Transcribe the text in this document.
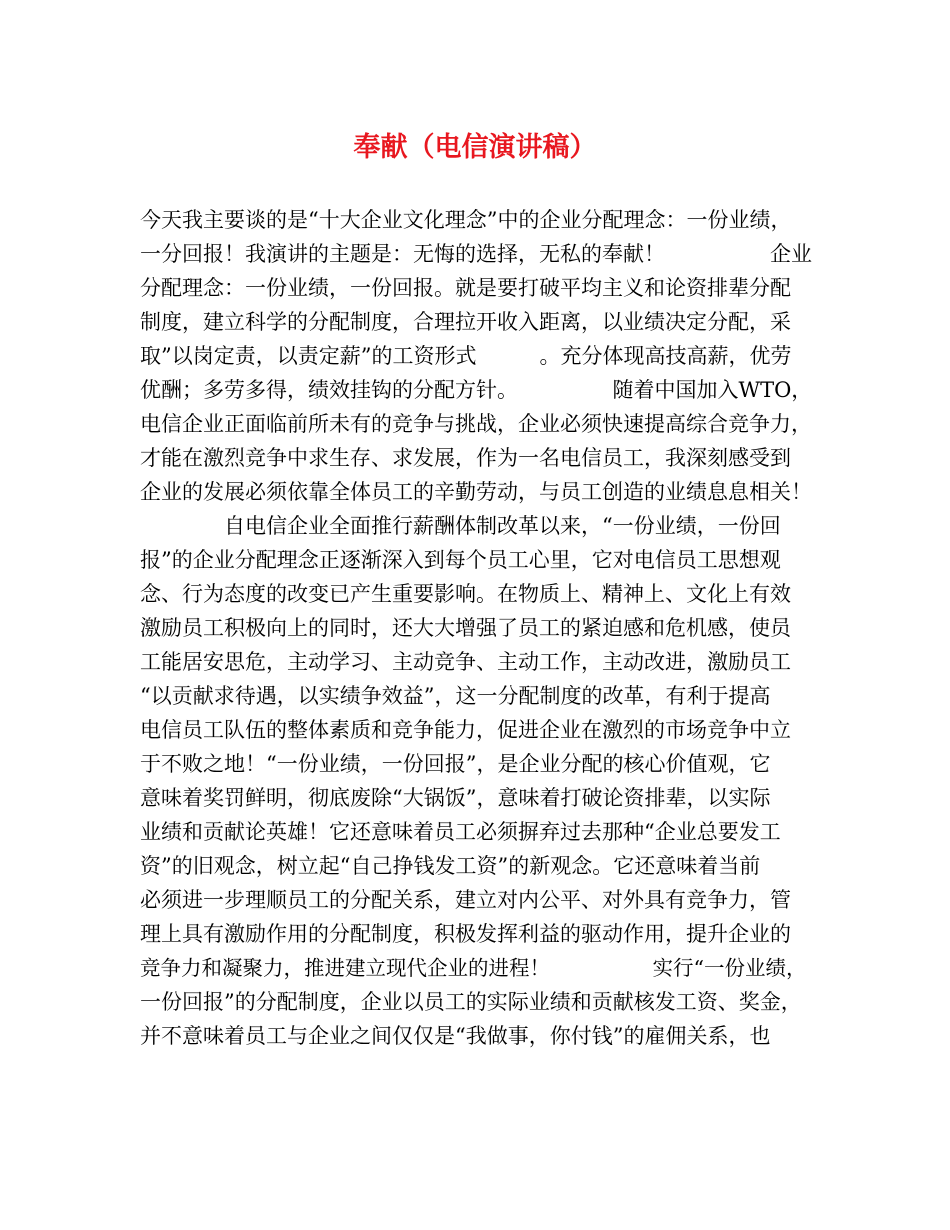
奉献（电信演讲稿）
今天我主要谈的是“十大企业文化理念”中的企业分配理念：一份业绩，
一分回报！我演讲的主题是：无悔的选择，无私的奉献！　　　　　企业
分配理念：一份业绩，一份回报。就是要打破平均主义和论资排辈分配
制度，建立科学的分配制度，合理拉开收入距离，以业绩决定分配，采
取”以岗定责，以责定薪”的工资形式　　　。充分体现高技高薪，优劳
优酬；多劳多得，绩效挂钩的分配方针。　　　　　随着中国加入WTO，
电信企业正面临前所未有的竞争与挑战，企业必须快速提高综合竞争力，
才能在激烈竞争中求生存、求发展，作为一名电信员工，我深刻感受到
企业的发展必须依靠全体员工的辛勤劳动，与员工创造的业绩息息相关！
　　　　自电信企业全面推行薪酬体制改革以来，“一份业绩，一份回
报”的企业分配理念正逐渐深入到每个员工心里，它对电信员工思想观
念、行为态度的改变已产生重要影响。在物质上、精神上、文化上有效
激励员工积极向上的同时，还大大增强了员工的紧迫感和危机感，使员
工能居安思危，主动学习、主动竞争、主动工作，主动改进，激励员工
“以贡献求待遇，以实绩争效益”，这一分配制度的改革，有利于提高
电信员工队伍的整体素质和竞争能力，促进企业在激烈的市场竞争中立
于不败之地！“一份业绩，一份回报”，是企业分配的核心价值观，它
意味着奖罚鲜明，彻底废除“大锅饭”，意味着打破论资排辈，以实际
业绩和贡献论英雄！它还意味着员工必须摒弃过去那种“企业总要发工
资”的旧观念，树立起“自己挣钱发工资”的新观念。它还意味着当前
必须进一步理顺员工的分配关系，建立对内公平、对外具有竞争力，管
理上具有激励作用的分配制度，积极发挥利益的驱动作用，提升企业的
竞争力和凝聚力，推进建立现代企业的进程！　　　　　实行“一份业绩，
一份回报”的分配制度，企业以员工的实际业绩和贡献核发工资、奖金，
并不意味着员工与企业之间仅仅是“我做事，你付钱”的雇佣关系，也
